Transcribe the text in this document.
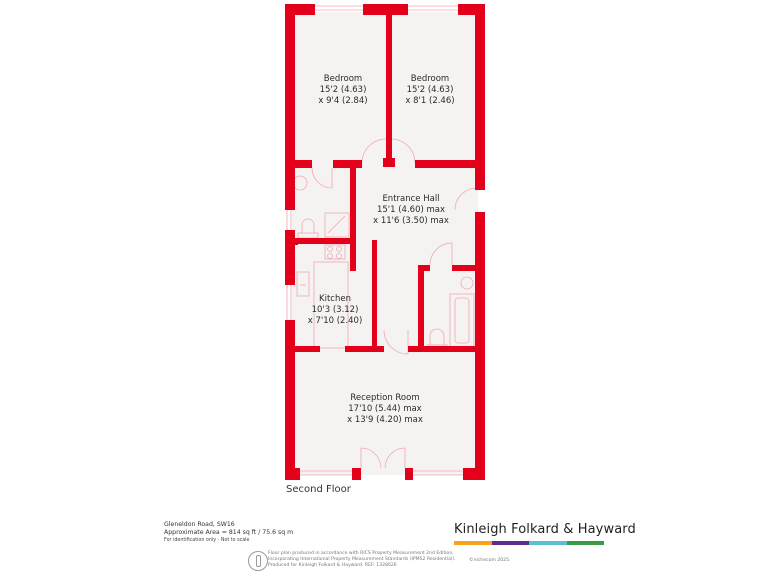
Bedroom
15'2 (4.63)
x 9'4 (2.84)
Bedroom
15'2 (4.63)
x 8'1 (2.46)
Entrance Hall
15'1 (4.60) max
x 11'6 (3.50) max
Kitchen
10'3 (3.12)
x 7'10 (2.40)
Reception Room
17'10 (5.44) max
x 13'9 (4.20) max
Second Floor
Gleneldon Road, SW16
Approximate Area = 814 sq ft / 75.6 sq m
For identification only - Not to scale
Kinleigh Folkard & Hayward
Floor plan produced in accordance with RICS Property Measurement 2nd Edition,
Incorporating International Property Measurement Standards (IPMS2 Residential).
Produced for Kinleigh Folkard & Hayward. REF: 1328626
©nichecom 2025.
